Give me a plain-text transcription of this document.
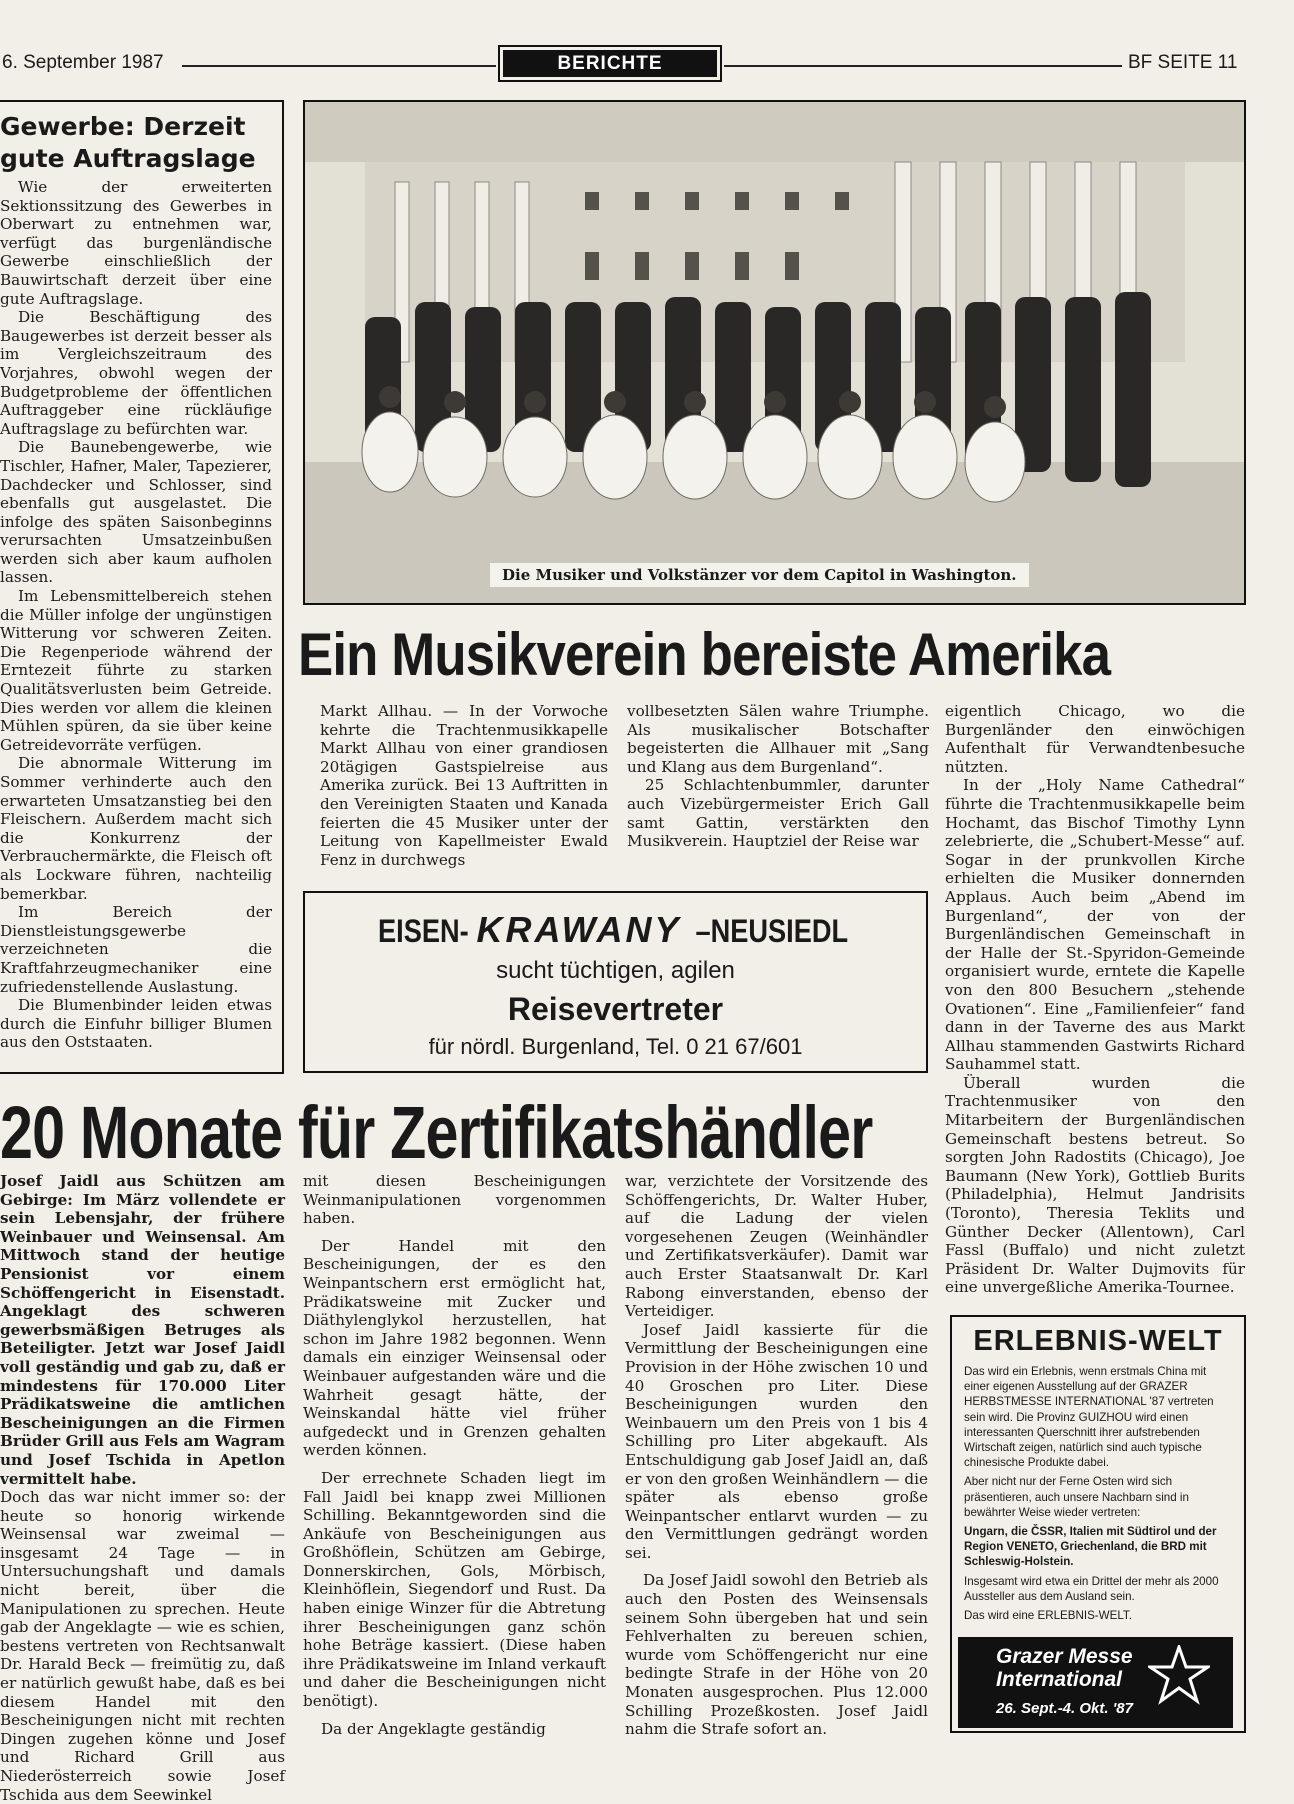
6. September 1987	BERICHTE	BF SEITE 11
Gewerbe: Derzeit
gute Auftragslage

Wie der erweiterten Sektionssitzung des Gewerbes in Oberwart zu entnehmen war, verfügt das burgenländische Gewerbe einschließlich der Bauwirtschaft derzeit über eine gute Auftragslage.

Die Beschäftigung des Baugewerbes ist derzeit besser als im Vergleichszeitraum des Vorjahres, obwohl wegen der Budgetprobleme der öffentlichen Auftraggeber eine rückläufige Auftragslage zu befürchten war.

Die Baunebengewerbe, wie Tischler, Hafner, Maler, Tapezierer, Dachdecker und Schlosser, sind ebenfalls gut ausgelastet. Die infolge des späten Saisonbeginns verursachten Umsatzeinbußen werden sich aber kaum aufholen lassen.

Im Lebensmittelbereich stehen die Müller infolge der ungünstigen Witterung vor schweren Zeiten. Die Regenperiode während der Erntezeit führte zu starken Qualitätsverlusten beim Getreide. Dies werden vor allem die kleinen Mühlen spüren, da sie über keine Getreidevorräte verfügen.

Die abnormale Witterung im Sommer verhinderte auch den erwarteten Umsatzanstieg bei den Fleischern. Außerdem macht sich die Konkurrenz der Verbrauchermärkte, die Fleisch oft als Lockware führen, nachteilig bemerkbar.

Im Bereich der Dienstleistungsgewerbe verzeichneten die Kraftfahrzeugmechaniker eine zufriedenstellende Auslastung.

Die Blumenbinder leiden etwas durch die Einfuhr billiger Blumen aus den Oststaaten.

Die Musiker und Volkstänzer vor dem Capitol in Washington.
Ein Musikverein bereiste Amerika

Markt Allhau. — In der Vorwoche kehrte die Trachtenmusikkapelle Markt Allhau von einer grandiosen 20tägigen Gastspielreise aus Amerika zurück. Bei 13 Auftritten in den Vereinigten Staaten und Kanada feierten die 45 Musiker unter der Leitung von Kapellmeister Ewald Fenz in durchwegs

vollbesetzten Sälen wahre Triumphe. Als musikalischer Botschafter begeisterten die Allhauer mit „Sang und Klang aus dem Burgenland“.

25 Schlachtenbummler, darunter auch Vizebürgermeister Erich Gall samt Gattin, verstärkten den Musikverein. Hauptziel der Reise war

eigentlich Chicago, wo die Burgenländer den einwöchigen Aufenthalt für Verwandtenbesuche nützten.

In der „Holy Name Cathedral“ führte die Trachtenmusikkapelle beim Hochamt, das Bischof Timothy Lynn zelebrierte, die „Schubert-Messe“ auf. Sogar in der prunkvollen Kirche erhielten die Musiker donnernden Applaus. Auch beim „Abend im Burgenland“, der von der Burgenländischen Gemeinschaft in der Halle der St.-Spyridon-Gemeinde organisiert wurde, erntete die Kapelle von den 800 Besuchern „stehende Ovationen“. Eine „Familienfeier“ fand dann in der Taverne des aus Markt Allhau stammenden Gastwirts Richard Sauhammel statt.

Überall wurden die Trachtenmusiker von den Mitarbeitern der Burgenländischen Gemeinschaft bestens betreut. So sorgten John Radostits (Chicago), Joe Baumann (New York), Gottlieb Burits (Philadelphia), Helmut Jandrisits (Toronto), Theresia Teklits und Günther Decker (Allentown), Carl Fassl (Buffalo) und nicht zuletzt Präsident Dr. Walter Dujmovits für eine unvergeßliche Amerika-Tournee.

EISEN- KRAWANY –NEUSIEDL
sucht tüchtigen, agilen
Reisevertreter
für nördl. Burgenland, Tel. 0 21 67/601
20 Monate für Zertifikatshändler

Josef Jaidl aus Schützen am Gebirge: Im März vollendete er sein Lebensjahr, der frühere Weinbauer und Weinsensal. Am Mittwoch stand der heutige Pensionist vor einem Schöffengericht in Eisenstadt. Angeklagt des schweren gewerbsmäßigen Betruges als Beteiligter. Jetzt war Josef Jaidl voll geständig und gab zu, daß er mindestens für 170.000 Liter Prädikatsweine die amtlichen Bescheinigungen an die Firmen Brüder Grill aus Fels am Wagram und Josef Tschida in Apetlon vermittelt habe.

Doch das war nicht immer so: der heute so honorig wirkende Weinsensal war zweimal — insgesamt 24 Tage — in Untersuchungshaft und damals nicht bereit, über die Manipulationen zu sprechen. Heute gab der Angeklagte — wie es schien, bestens vertreten von Rechtsanwalt Dr. Harald Beck — freimütig zu, daß er natürlich gewußt habe, daß es bei diesem Handel mit den Bescheinigungen nicht mit rechten Dingen zugehen könne und Josef und Richard Grill aus Niederösterreich sowie Josef Tschida aus dem Seewinkel

mit diesen Bescheinigungen Weinmanipulationen vorgenommen haben.

Der Handel mit den Bescheinigungen, der es den Weinpantschern erst ermöglicht hat, Prädikatsweine mit Zucker und Diäthylenglykol herzustellen, hat schon im Jahre 1982 begonnen. Wenn damals ein einziger Weinsensal oder Weinbauer aufgestanden wäre und die Wahrheit gesagt hätte, der Weinskandal hätte viel früher aufgedeckt und in Grenzen gehalten werden können.

Der errechnete Schaden liegt im Fall Jaidl bei knapp zwei Millionen Schilling. Bekanntgeworden sind die Ankäufe von Bescheinigungen aus Großhöflein, Schützen am Gebirge, Donnerskirchen, Gols, Mörbisch, Kleinhöflein, Siegendorf und Rust. Da haben einige Winzer für die Abtretung ihrer Bescheinigungen ganz schön hohe Beträge kassiert. (Diese haben ihre Prädikatsweine im Inland verkauft und daher die Bescheinigungen nicht benötigt).

Da der Angeklagte geständig

war, verzichtete der Vorsitzende des Schöffengerichts, Dr. Walter Huber, auf die Ladung der vielen vorgesehenen Zeugen (Weinhändler und Zertifikatsverkäufer). Damit war auch Erster Staatsanwalt Dr. Karl Rabong einverstanden, ebenso der Verteidiger.

Josef Jaidl kassierte für die Vermittlung der Bescheinigungen eine Provision in der Höhe zwischen 10 und 40 Groschen pro Liter. Diese Bescheinigungen wurden den Weinbauern um den Preis von 1 bis 4 Schilling pro Liter abgekauft. Als Entschuldigung gab Josef Jaidl an, daß er von den großen Weinhändlern — die später als ebenso große Weinpantscher entlarvt wurden — zu den Vermittlungen gedrängt worden sei.

Da Josef Jaidl sowohl den Betrieb als auch den Posten des Weinsensals seinem Sohn übergeben hat und sein Fehlverhalten zu bereuen schien, wurde vom Schöffengericht nur eine bedingte Strafe in der Höhe von 20 Monaten ausgesprochen. Plus 12.000 Schilling Prozeßkosten. Josef Jaidl nahm die Strafe sofort an.

ERLEBNIS-WELT

Das wird ein Erlebnis, wenn erstmals China mit einer eigenen Ausstellung auf der GRAZER HERBSTMESSE INTERNATIONAL '87 vertreten sein wird. Die Provinz GUIZHOU wird einen interessanten Querschnitt ihrer aufstrebenden Wirtschaft zeigen, natürlich sind auch typische chinesische Produkte dabei.

Aber nicht nur der Ferne Osten wird sich präsentieren, auch unsere Nachbarn sind in bewährter Weise wieder vertreten:

Ungarn, die ČSSR, Italien mit Südtirol und der Region VENETO, Griechenland, die BRD mit Schleswig-Holstein.

Insgesamt wird etwa ein Drittel der mehr als 2000 Aussteller aus dem Ausland sein.

Das wird eine ERLEBNIS-WELT.

Grazer Messe
International
26. Sept.-4. Okt. '87
